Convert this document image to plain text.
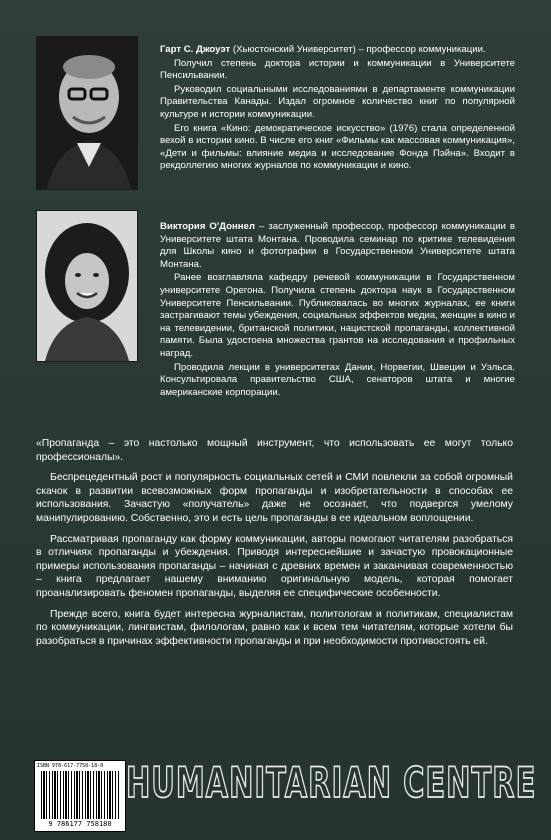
Гарт С. Джоуэт (Хьюстонский Университет) – профессор коммуникации.

Получил степень доктора истории и коммуникации в Университете Пенсильвании.

Руководил социальными исследованиями в департаменте коммуникации Правительства Канады. Издал огромное количество книг по популярной культуре и истории коммуникации.

Его книга «Кино: демократическое искусство» (1976) стала определенной вехой в истории кино. В числе его книг «Фильмы как массовая коммуникация», «Дети и фильмы: влияние медиа и исследование Фонда Пэйна». Входит в рекдоллегию многих журналов по коммуникации и кино.

Виктория О'Доннел – заслуженный профессор, профессор коммуникации в Университете штата Монтана. Проводила семинар по критике телевидения для Школы кино и фотографии в Государственном Университете штата Монтана.

Ранее возглавляла кафедру речевой коммуникации в Государственном университете Орегона. Получила степень доктора наук в Государственном Университете Пенсильвании. Публиковалась во многих журналах, ее книги застрагивают темы убеждения, социальных эффектов медиа, женщин в кино и на телевидении, британской политики, нацистской пропаганды, коллективной памяти. Была удостоена множества грантов на исследования и профильных наград.

Проводила лекции в университетах Дании, Норвегии, Швеции и Уэльса. Консультировала правительство США, сенаторов штата и многие американские корпорации.

«Пропаганда – это настолько мощный инструмент, что использовать ее могут только профессионалы».

Беспрецедентный рост и популярность социальных сетей и СМИ повлекли за собой огромный скачок в развитии всевозможных форм пропаганды и изобретательности в способах ее использования. Зачастую «получатель» даже не осознает, что подвергся умелому манипулированию. Собственно, это и есть цель пропаганды в ее идеальном воплощении.

Рассматривая пропаганду как форму коммуникации, авторы помогают читателям разобраться в отличиях пропаганды и убеждения. Приводя интереснейшие и зачастую провокационные примеры использования пропаганды – начиная с древних времен и заканчивая современностью – книга предлагает нашему вниманию оригинальную модель, которая помогает проанализировать феномен пропаганды, выделяя ее специфические особенности.

Прежде всего, книга будет интересна журналистам, политологам и политикам, специалистам по коммуникации, лингвистам, филологам, равно как и всем тем читателям, которые хотели бы разобраться в причинах эффективности пропаганды и при необходимости противостоять ей.

ISBN 978-617-7758-18-0
9 786177 758180
HUMANITARIAN CENTRE
